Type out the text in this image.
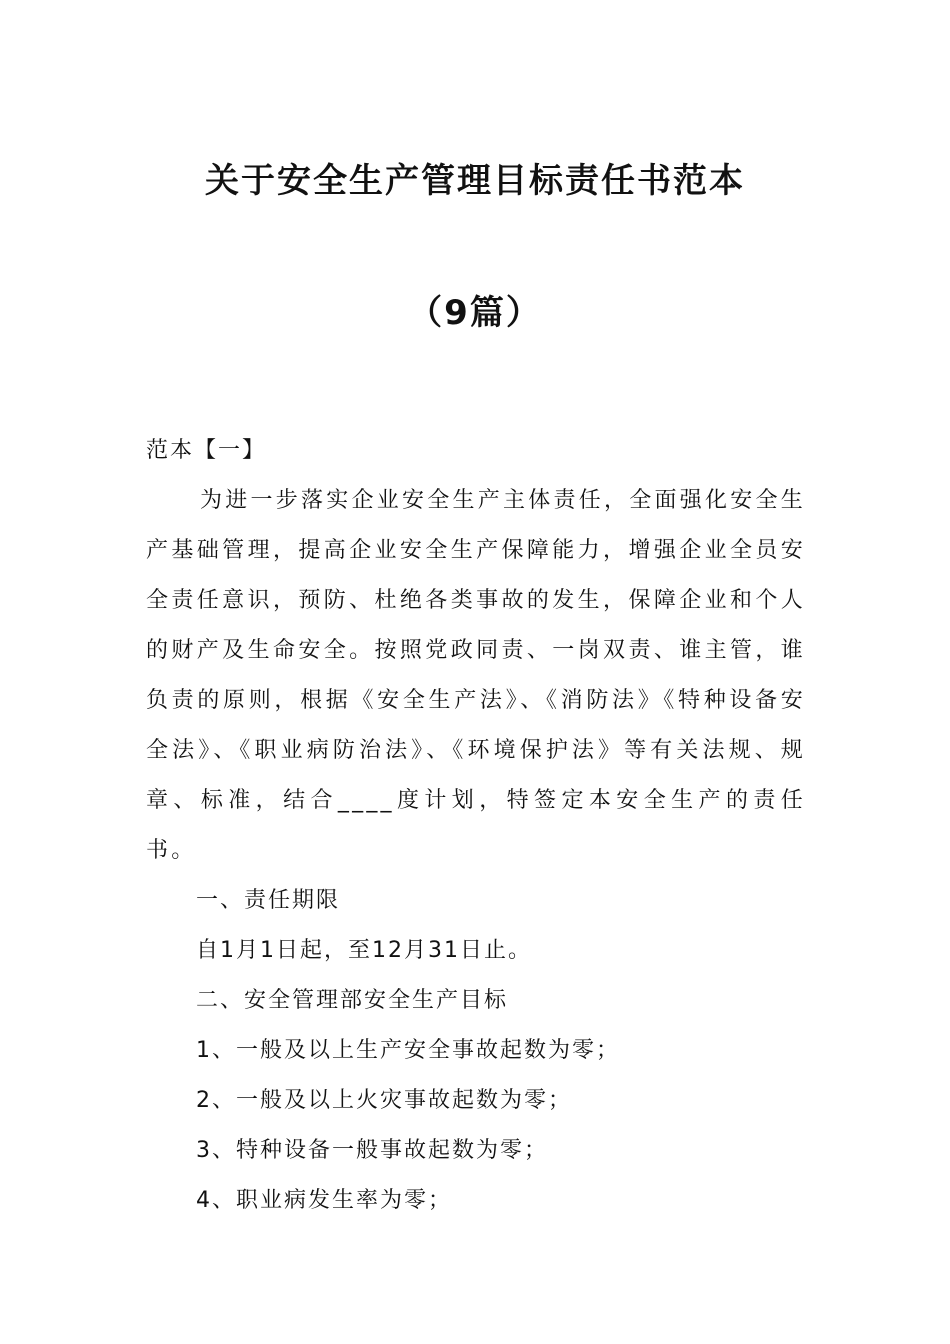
关于安全生产管理目标责任书范本
（9篇）
范本【一】

为进一步落实企业安全生产主体责任，全面强化安全生产基础管理，提高企业安全生产保障能力，增强企业全员安全责任意识，预防、杜绝各类事故的发生，保障企业和个人的财产及生命安全。按照党政同责、一岗双责、谁主管，谁负责的原则，根据《安全生产法》、《消防法》《特种设备安全法》、《职业病防治法》、《环境保护法》等有关法规、规章、标准，结合____度计划，特签定本安全生产的责任书。

一、责任期限
自1月1日起，至12月31日止。
二、安全管理部安全生产目标
1、一般及以上生产安全事故起数为零；
2、一般及以上火灾事故起数为零；
3、特种设备一般事故起数为零；
4、职业病发生率为零；
